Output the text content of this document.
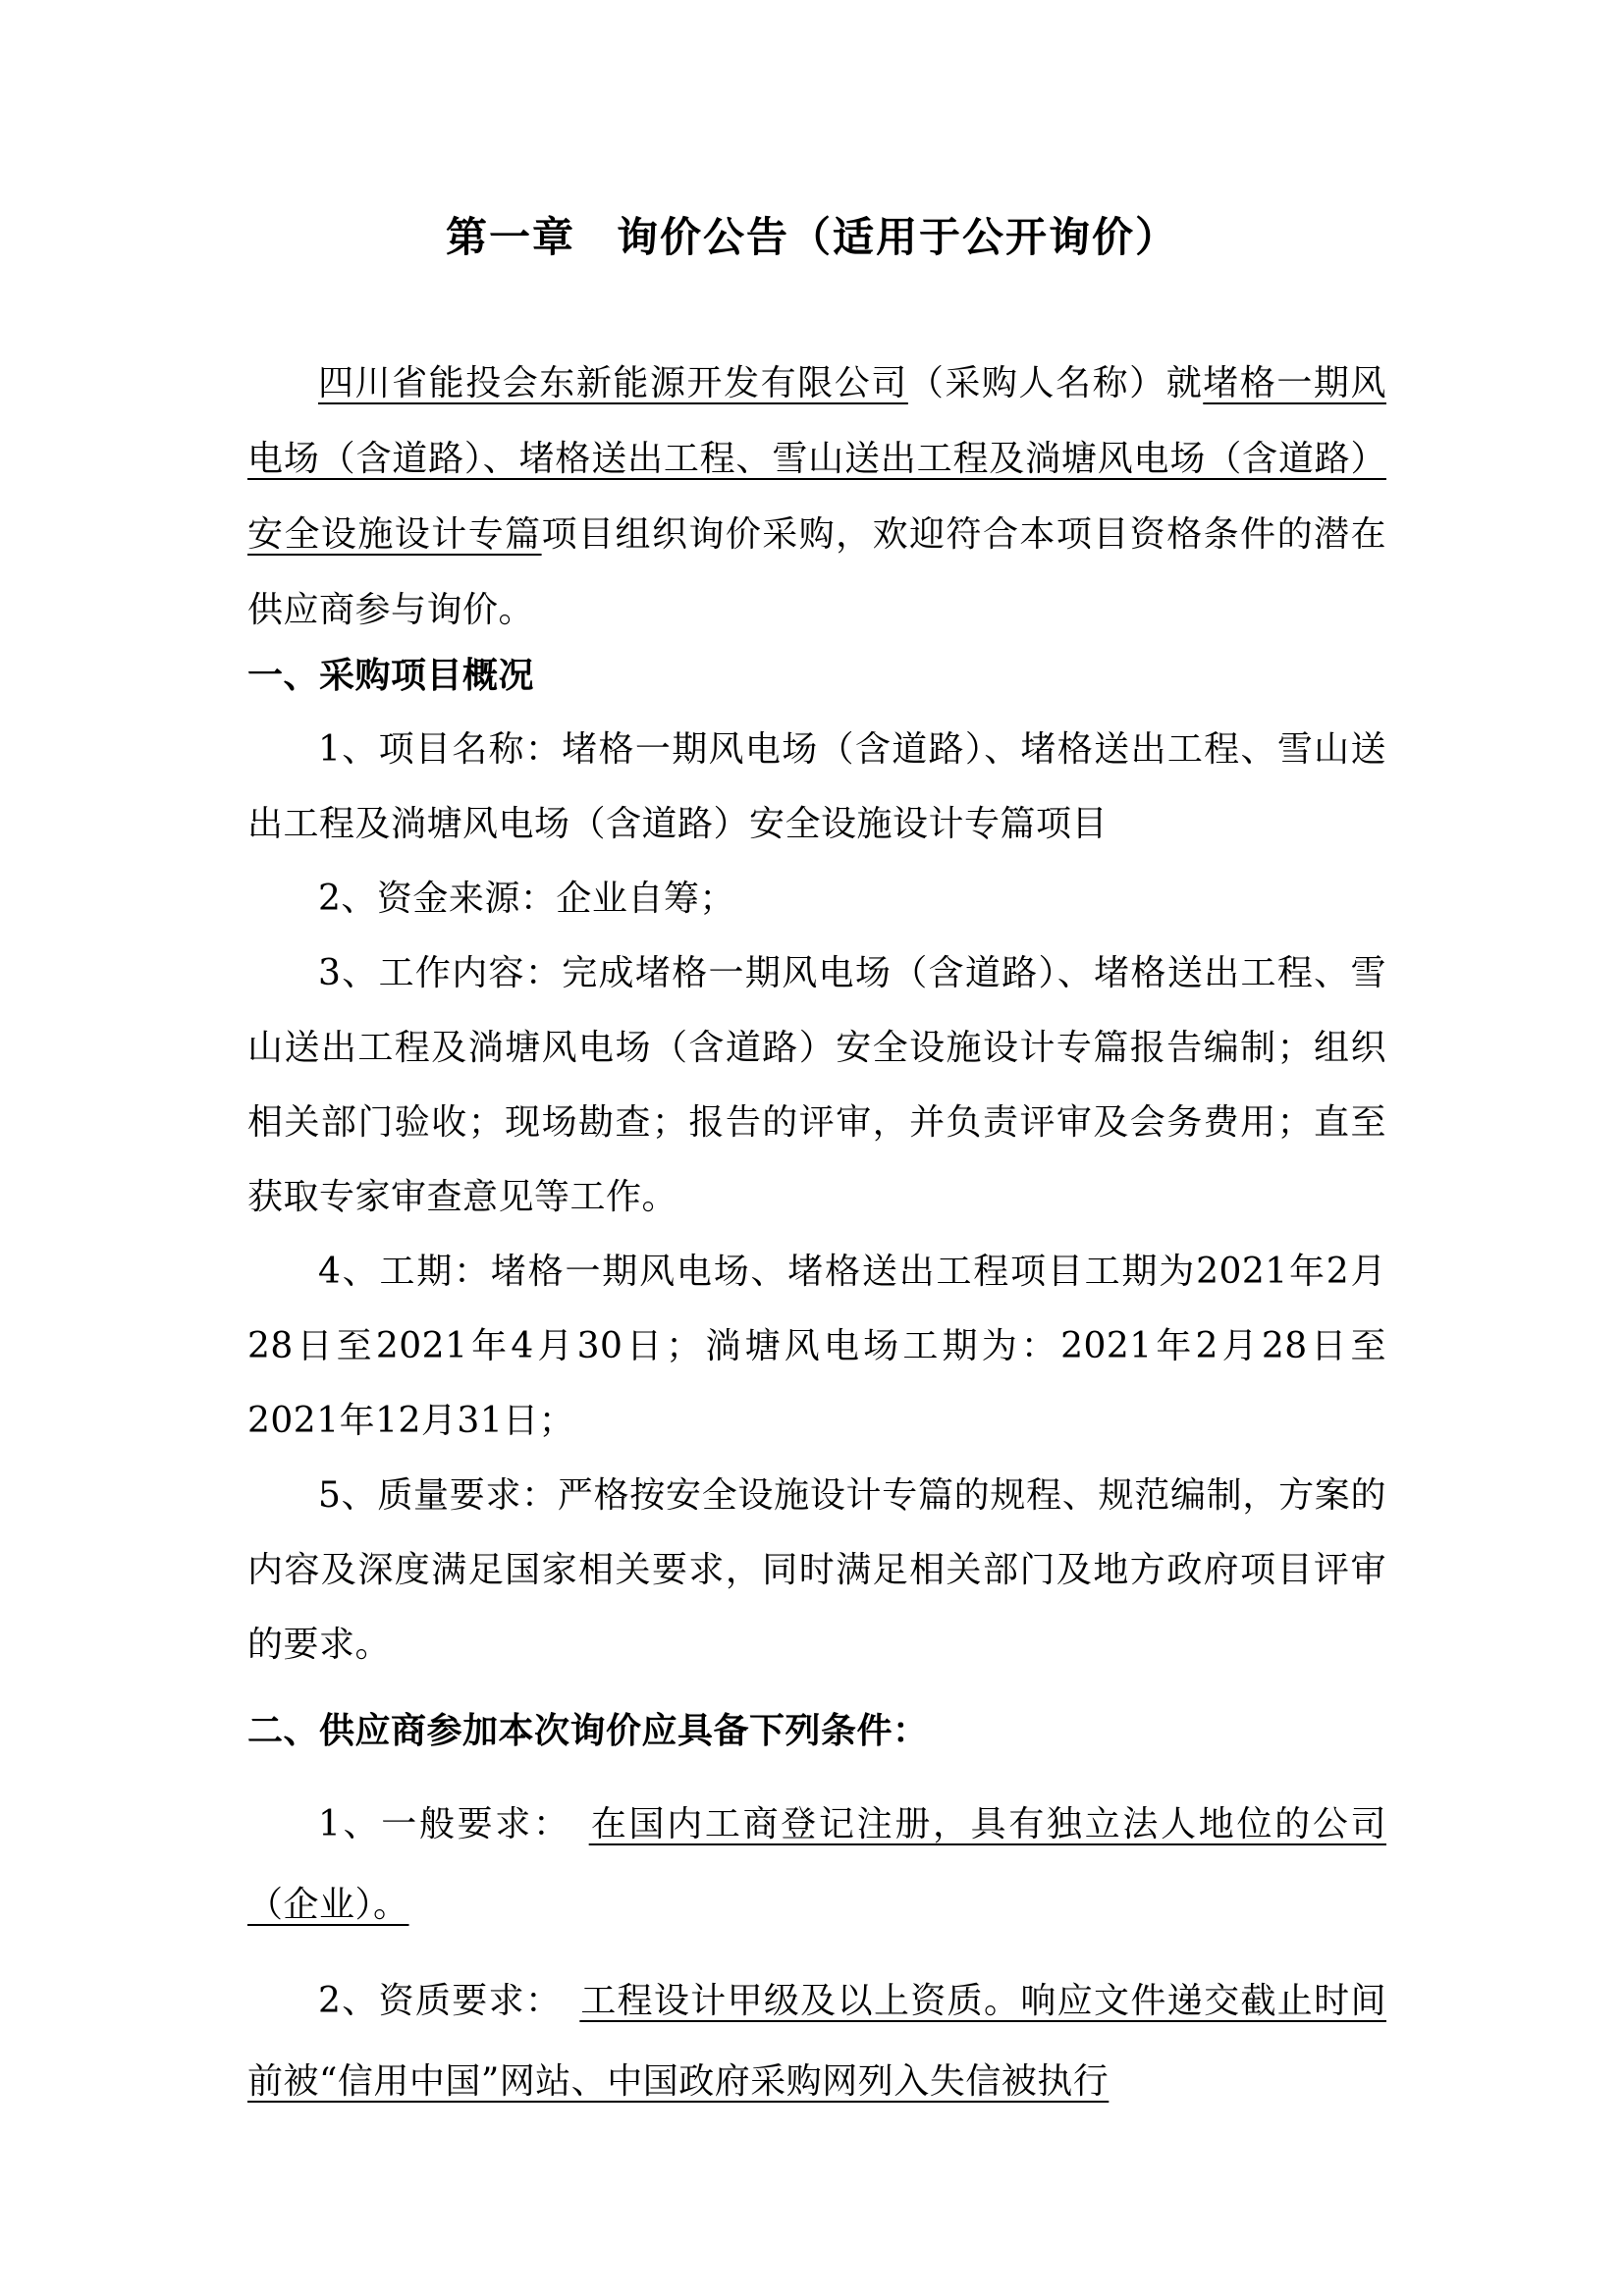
第一章 询价公告（适用于公开询价）
四川省能投会东新能源开发有限公司（采购人名称）就堵格一期风电场（含道路）、堵格送出工程、雪山送出工程及淌塘风电场（含道路）安全设施设计专篇项目组织询价采购，欢迎符合本项目资格条件的潜在供应商参与询价。
一、采购项目概况
1、项目名称：堵格一期风电场（含道路）、堵格送出工程、雪山送出工程及淌塘风电场（含道路）安全设施设计专篇项目
2、资金来源：企业自筹；
3、工作内容：完成堵格一期风电场（含道路）、堵格送出工程、雪山送出工程及淌塘风电场（含道路）安全设施设计专篇报告编制；组织相关部门验收；现场勘查；报告的评审，并负责评审及会务费用；直至获取专家审查意见等工作。
4、工期：堵格一期风电场、堵格送出工程项目工期为2021年2月28日至2021年4月30日；淌塘风电场工期为：2021年2月28日至2021年12月31日；
5、质量要求：严格按安全设施设计专篇的规程、规范编制，方案的内容及深度满足国家相关要求，同时满足相关部门及地方政府项目评审的要求。
二、供应商参加本次询价应具备下列条件：
1、一般要求： 在国内工商登记注册，具有独立法人地位的公司（企业）。
2、资质要求： 工程设计甲级及以上资质。响应文件递交截止时间前被“信用中国”网站、中国政府采购网列入失信被执行
